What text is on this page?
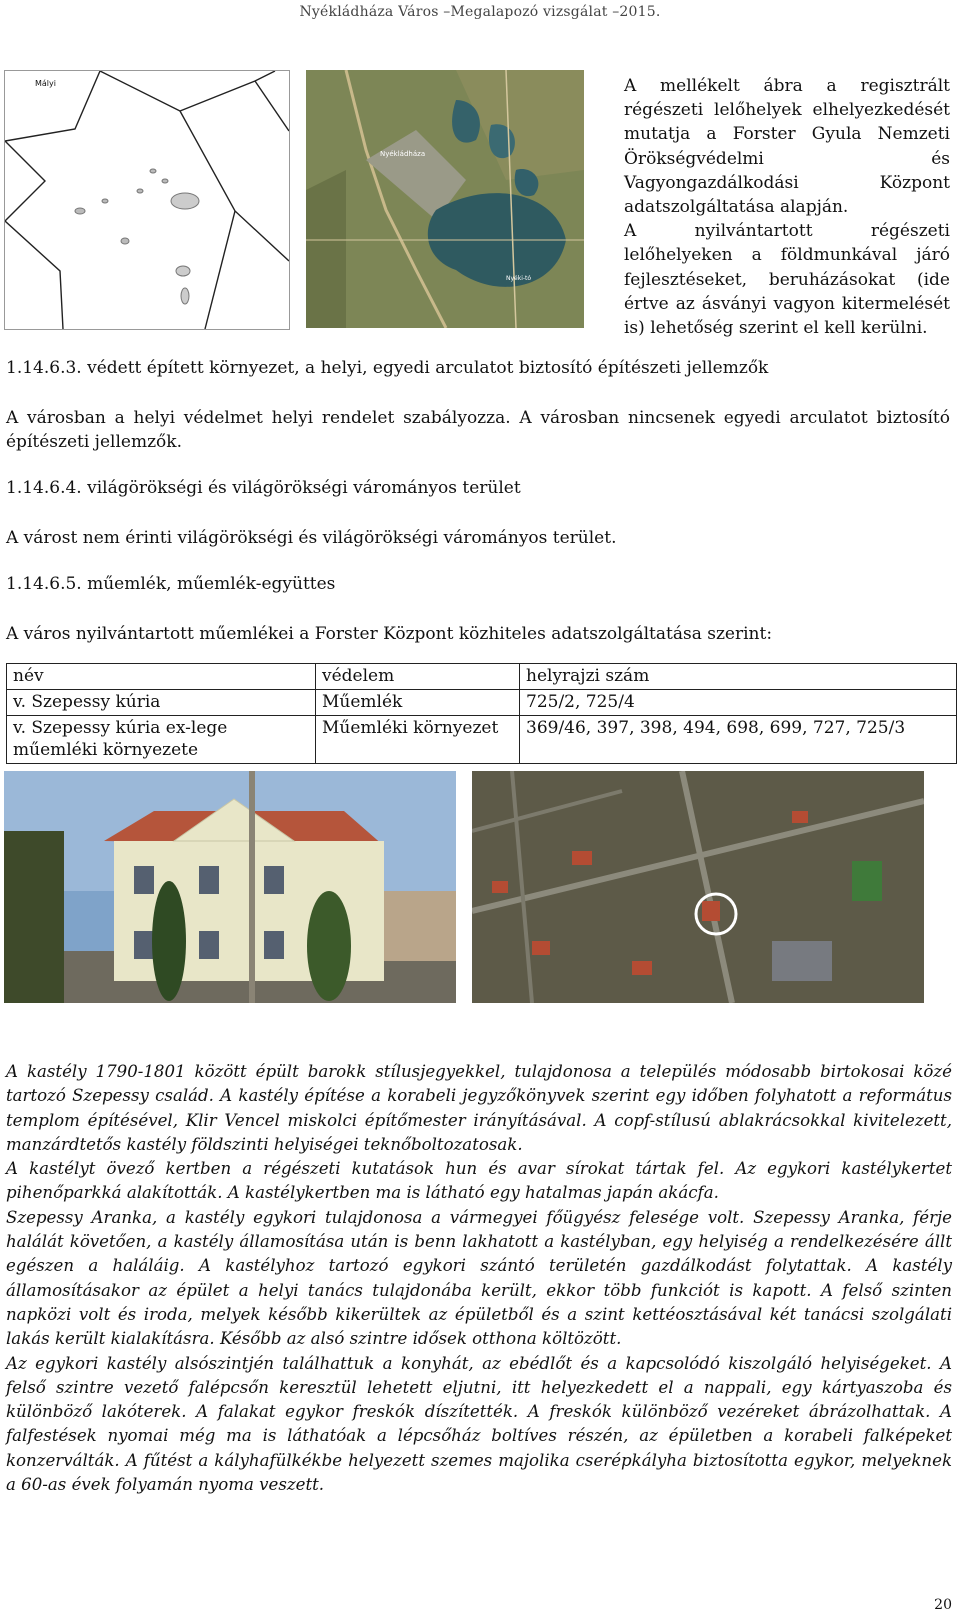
Nyékládháza Város –Megalapozó vizsgálat –2015.
Mályi
Nyékládháza
Nyéki-tó

A mellékelt ábra a regisztrált régészeti lelőhelyek elhelyezkedését mutatja a Forster Gyula Nemzeti Örökségvédelmi és Vagyongazdálkodási Központ adatszolgáltatása alapján.

A nyilvántartott régészeti lelőhelyeken a földmunkával járó fejlesztéseket, beruházásokat (ide értve az ásványi vagyon kitermelését is) lehetőség szerint el kell kerülni.

1.14.6.3. védett épített környezet, a helyi, egyedi arculatot biztosító építészeti jellemzők
A városban a helyi védelmet helyi rendelet szabályozza. A városban nincsenek egyedi arculatot biztosító építészeti jellemzők.
1.14.6.4. világörökségi és világörökségi várományos terület
A várost nem érinti világörökségi és világörökségi várományos terület.
1.14.6.5. műemlék, műemlék-együttes
A város nyilvántartott műemlékei a Forster Központ közhiteles adatszolgáltatása szerint:
név	védelem	helyrajzi szám
v. Szepessy kúria	Műemlék	725/2, 725/4
v. Szepessy kúria ex-lege műemléki környezete	Műemléki környezet	369/46, 397, 398, 494, 698, 699, 727, 725/3

A kastély 1790-1801 között épült barokk stílusjegyekkel, tulajdonosa a település módosabb birtokosai közé tartozó Szepessy család. A kastély építése a korabeli jegyzőkönyvek szerint egy időben folyhatott a református templom építésével, Klir Vencel miskolci építőmester irányításával. A copf-stílusú ablakrácsokkal kivitelezett, manzárdtetős kastély földszinti helyiségei teknőboltozatosak.

A kastélyt övező kertben a régészeti kutatások hun és avar sírokat tártak fel. Az egykori kastélykertet pihenőparkká alakították. A kastélykertben ma is látható egy hatalmas japán akácfa.

Szepessy Aranka, a kastély egykori tulajdonosa a vármegyei főügyész felesége volt. Szepessy Aranka, férje halálát követően, a kastély államosítása után is benn lakhatott a kastélyban, egy helyiség a rendelkezésére állt egészen a haláláig. A kastélyhoz tartozó egykori szántó területén gazdálkodást folytattak. A kastély államosításakor az épület a helyi tanács tulajdonába került, ekkor több funkciót is kapott. A felső szinten napközi volt és iroda, melyek később kikerültek az épületből és a szint kettéosztásával két tanácsi szolgálati lakás került kialakításra. Később az alsó szintre idősek otthona költözött.

Az egykori kastély alsószintjén találhattuk a konyhát, az ebédlőt és a kapcsolódó kiszolgáló helyiségeket. A felső szintre vezető falépcsőn keresztül lehetett eljutni, itt helyezkedett el a nappali, egy kártyaszoba és különböző lakóterek. A falakat egykor freskók díszítették. A freskók különböző vezéreket ábrázolhattak. A falfestések nyomai még ma is láthatóak a lépcsőház boltíves részén, az épületben a korabeli falképeket konzerválták. A fűtést a kályhafülkékbe helyezett szemes majolika cserépkályha biztosította egykor, melyeknek a 60-as évek folyamán nyoma veszett.

20
